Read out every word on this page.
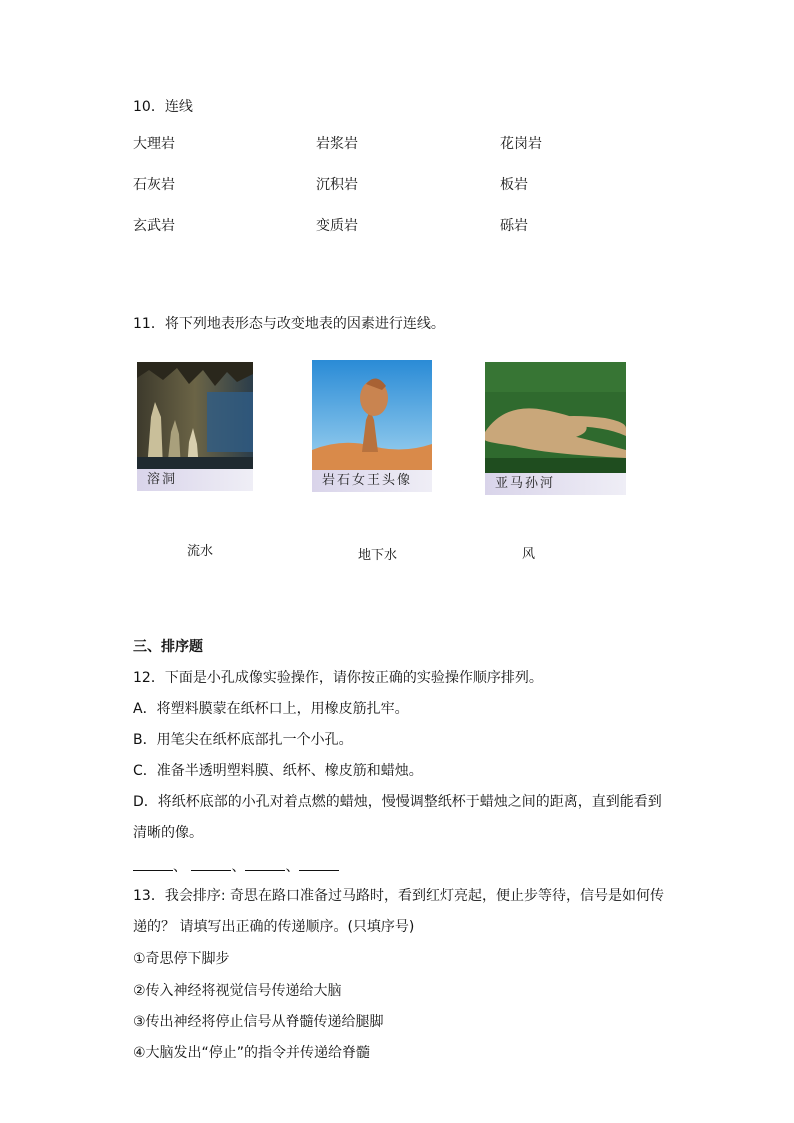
10．连线
大理岩	岩浆岩	花岗岩
石灰岩	沉积岩	板岩
玄武岩	变质岩	砾岩
11．将下列地表形态与改变地表的因素进行连线。
溶洞	岩石女王头像	亚马孙河
流水	地下水	风
三、排序题
12．下面是小孔成像实验操作，请你按正确的实验操作顺序排列。
A．将塑料膜蒙在纸杯口上，用橡皮筋扎牢。
B．用笔尖在纸杯底部扎一个小孔。
C．准备半透明塑料膜、纸杯、橡皮筋和蜡烛。
D．将纸杯底部的小孔对着点燃的蜡烛，慢慢调整纸杯于蜡烛之间的距离，直到能看到
清晰的像。
、	、	、
13．我会排序: 奇思在路口准备过马路时，看到红灯亮起，便止步等待，信号是如何传
递的？ 请填写出正确的传递顺序。(只填序号)
①奇思停下脚步
②传入神经将视觉信号传递给大脑
③传出神经将停止信号从脊髓传递给腿脚
④大脑发出“停止”的指令并传递给脊髓
